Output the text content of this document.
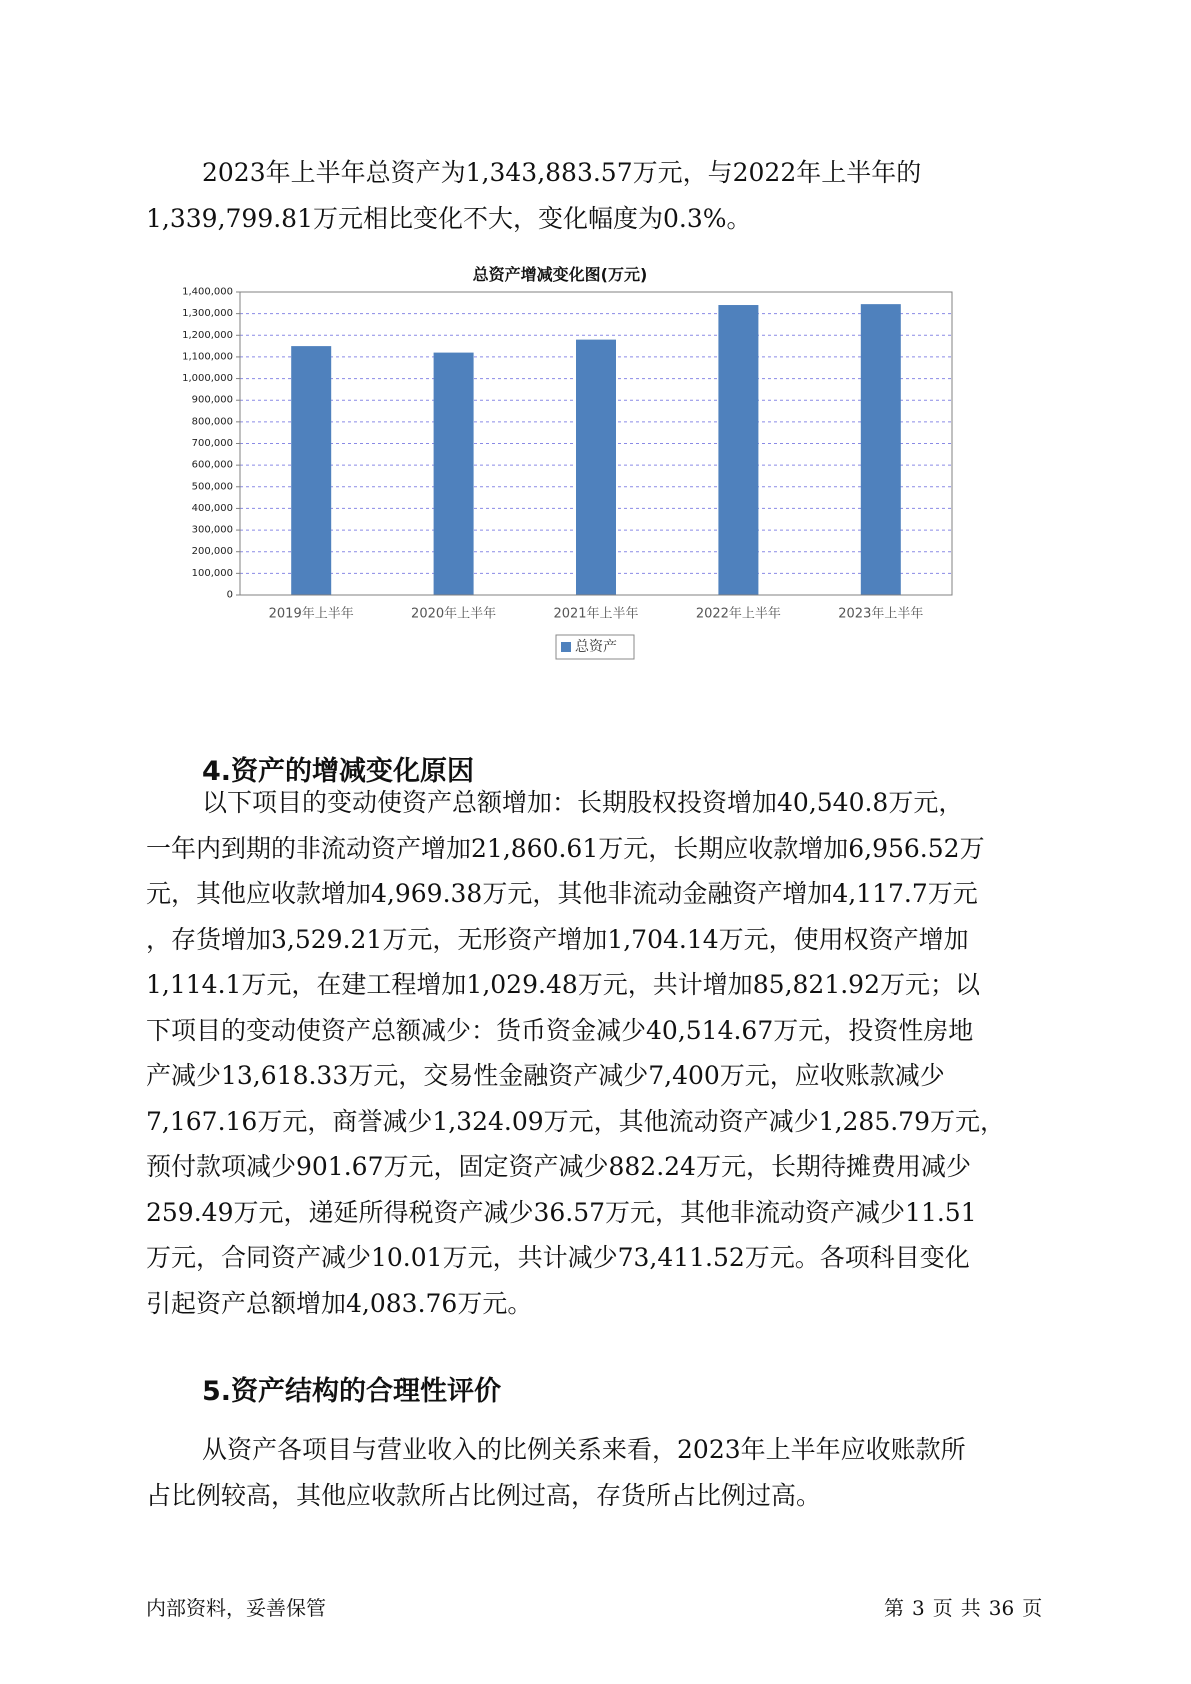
2023年上半年总资产为1,343,883.57万元，与2022年上半年的
1,339,799.81万元相比变化不大，变化幅度为0.3%。

总资产增减变化图(万元)
0
100,000
200,000
300,000
400,000
500,000
600,000
700,000
800,000
900,000
1,000,000
1,100,000
1,200,000
1,300,000
1,400,000
2019年上半年	2020年上半年	2021年上半年	2022年上半年	2023年上半年
总资产
4.资产的增减变化原因

以下项目的变动使资产总额增加：长期股权投资增加40,540.8万元，
一年内到期的非流动资产增加21,860.61万元，长期应收款增加6,956.52万
元，其他应收款增加4,969.38万元，其他非流动金融资产增加4,117.7万元
，存货增加3,529.21万元，无形资产增加1,704.14万元，使用权资产增加
1,114.1万元，在建工程增加1,029.48万元，共计增加85,821.92万元；以
下项目的变动使资产总额减少：货币资金减少40,514.67万元，投资性房地
产减少13,618.33万元，交易性金融资产减少7,400万元，应收账款减少
7,167.16万元，商誉减少1,324.09万元，其他流动资产减少1,285.79万元，
预付款项减少901.67万元，固定资产减少882.24万元，长期待摊费用减少
259.49万元，递延所得税资产减少36.57万元，其他非流动资产减少11.51
万元，合同资产减少10.01万元，共计减少73,411.52万元。各项科目变化
引起资产总额增加4,083.76万元。

5.资产结构的合理性评价

从资产各项目与营业收入的比例关系来看，2023年上半年应收账款所
占比例较高，其他应收款所占比例过高，存货所占比例过高。

内部资料，妥善保管	第 3 页 共 36 页
